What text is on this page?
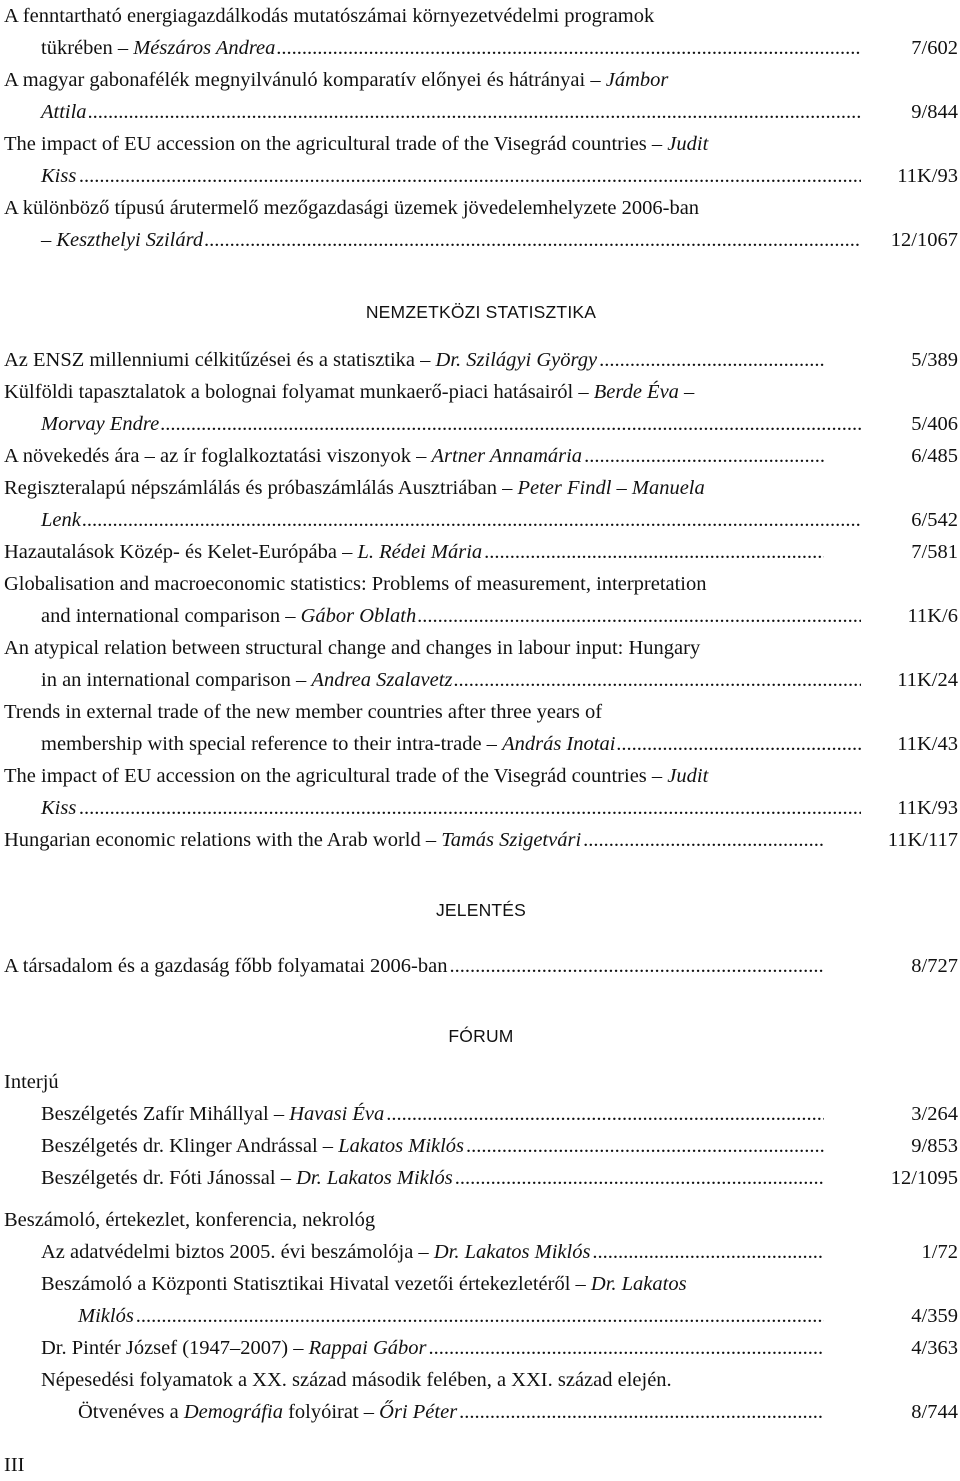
A fenntartható energiagazdálkodás mutatószámai környezetvédelmi programok
tükrében – Mészáros Andrea .....	7/602
A magyar gabonafélék megnyilvánuló komparatív előnyei és hátrányai – Jámbor
Attila .....	9/844
The impact of EU accession on the agricultural trade of the Visegrád countries – Judit
Kiss .....	11K/93
A különböző típusú árutermelő mezőgazdasági üzemek jövedelemhelyzete 2006-ban
– Keszthelyi Szilárd .....	12/1067
NEMZETKÖZI STATISZTIKA
Az ENSZ millenniumi célkitűzései és a statisztika – Dr. Szilágyi György .....	5/389
Külföldi tapasztalatok a bolognai folyamat munkaerő-piaci hatásairól – Berde Éva –
Morvay Endre .....	5/406
A növekedés ára – az ír foglalkoztatási viszonyok – Artner Annamária .....	6/485
Regiszteralapú népszámlálás és próbaszámlálás Ausztriában – Peter Findl – Manuela
Lenk .....	6/542
Hazautalások Közép- és Kelet-Európába – L. Rédei Mária .....	7/581
Globalisation and macroeconomic statistics: Problems of measurement, interpretation
and international comparison – Gábor Oblath .....	11K/6
An atypical relation between structural change and changes in labour input: Hungary
in an international comparison – Andrea Szalavetz .....	11K/24
Trends in external trade of the new member countries after three years of
membership with special reference to their intra-trade – András Inotai .....	11K/43
The impact of EU accession on the agricultural trade of the Visegrád countries – Judit
Kiss .....	11K/93
Hungarian economic relations with the Arab world – Tamás Szigetvári .....	11K/117
JELENTÉS
A társadalom és a gazdaság főbb folyamatai 2006-ban .....	8/727
FÓRUM
Interjú
Beszélgetés Zafír Mihállyal – Havasi Éva .....	3/264
Beszélgetés dr. Klinger Andrással – Lakatos Miklós .....	9/853
Beszélgetés dr. Fóti Jánossal – Dr. Lakatos Miklós .....	12/1095
Beszámoló, értekezlet, konferencia, nekrológ
Az adatvédelmi biztos 2005. évi beszámolója – Dr. Lakatos Miklós .....	1/72
Beszámoló a Központi Statisztikai Hivatal vezetői értekezletéről – Dr. Lakatos
Miklós .....	4/359
Dr. Pintér József (1947–2007) – Rappai Gábor .....	4/363
Népesedési folyamatok a XX. század második felében, a XXI. század elején.
Ötvenéves a Demográfia folyóirat – Őri Péter .....	8/744
III
